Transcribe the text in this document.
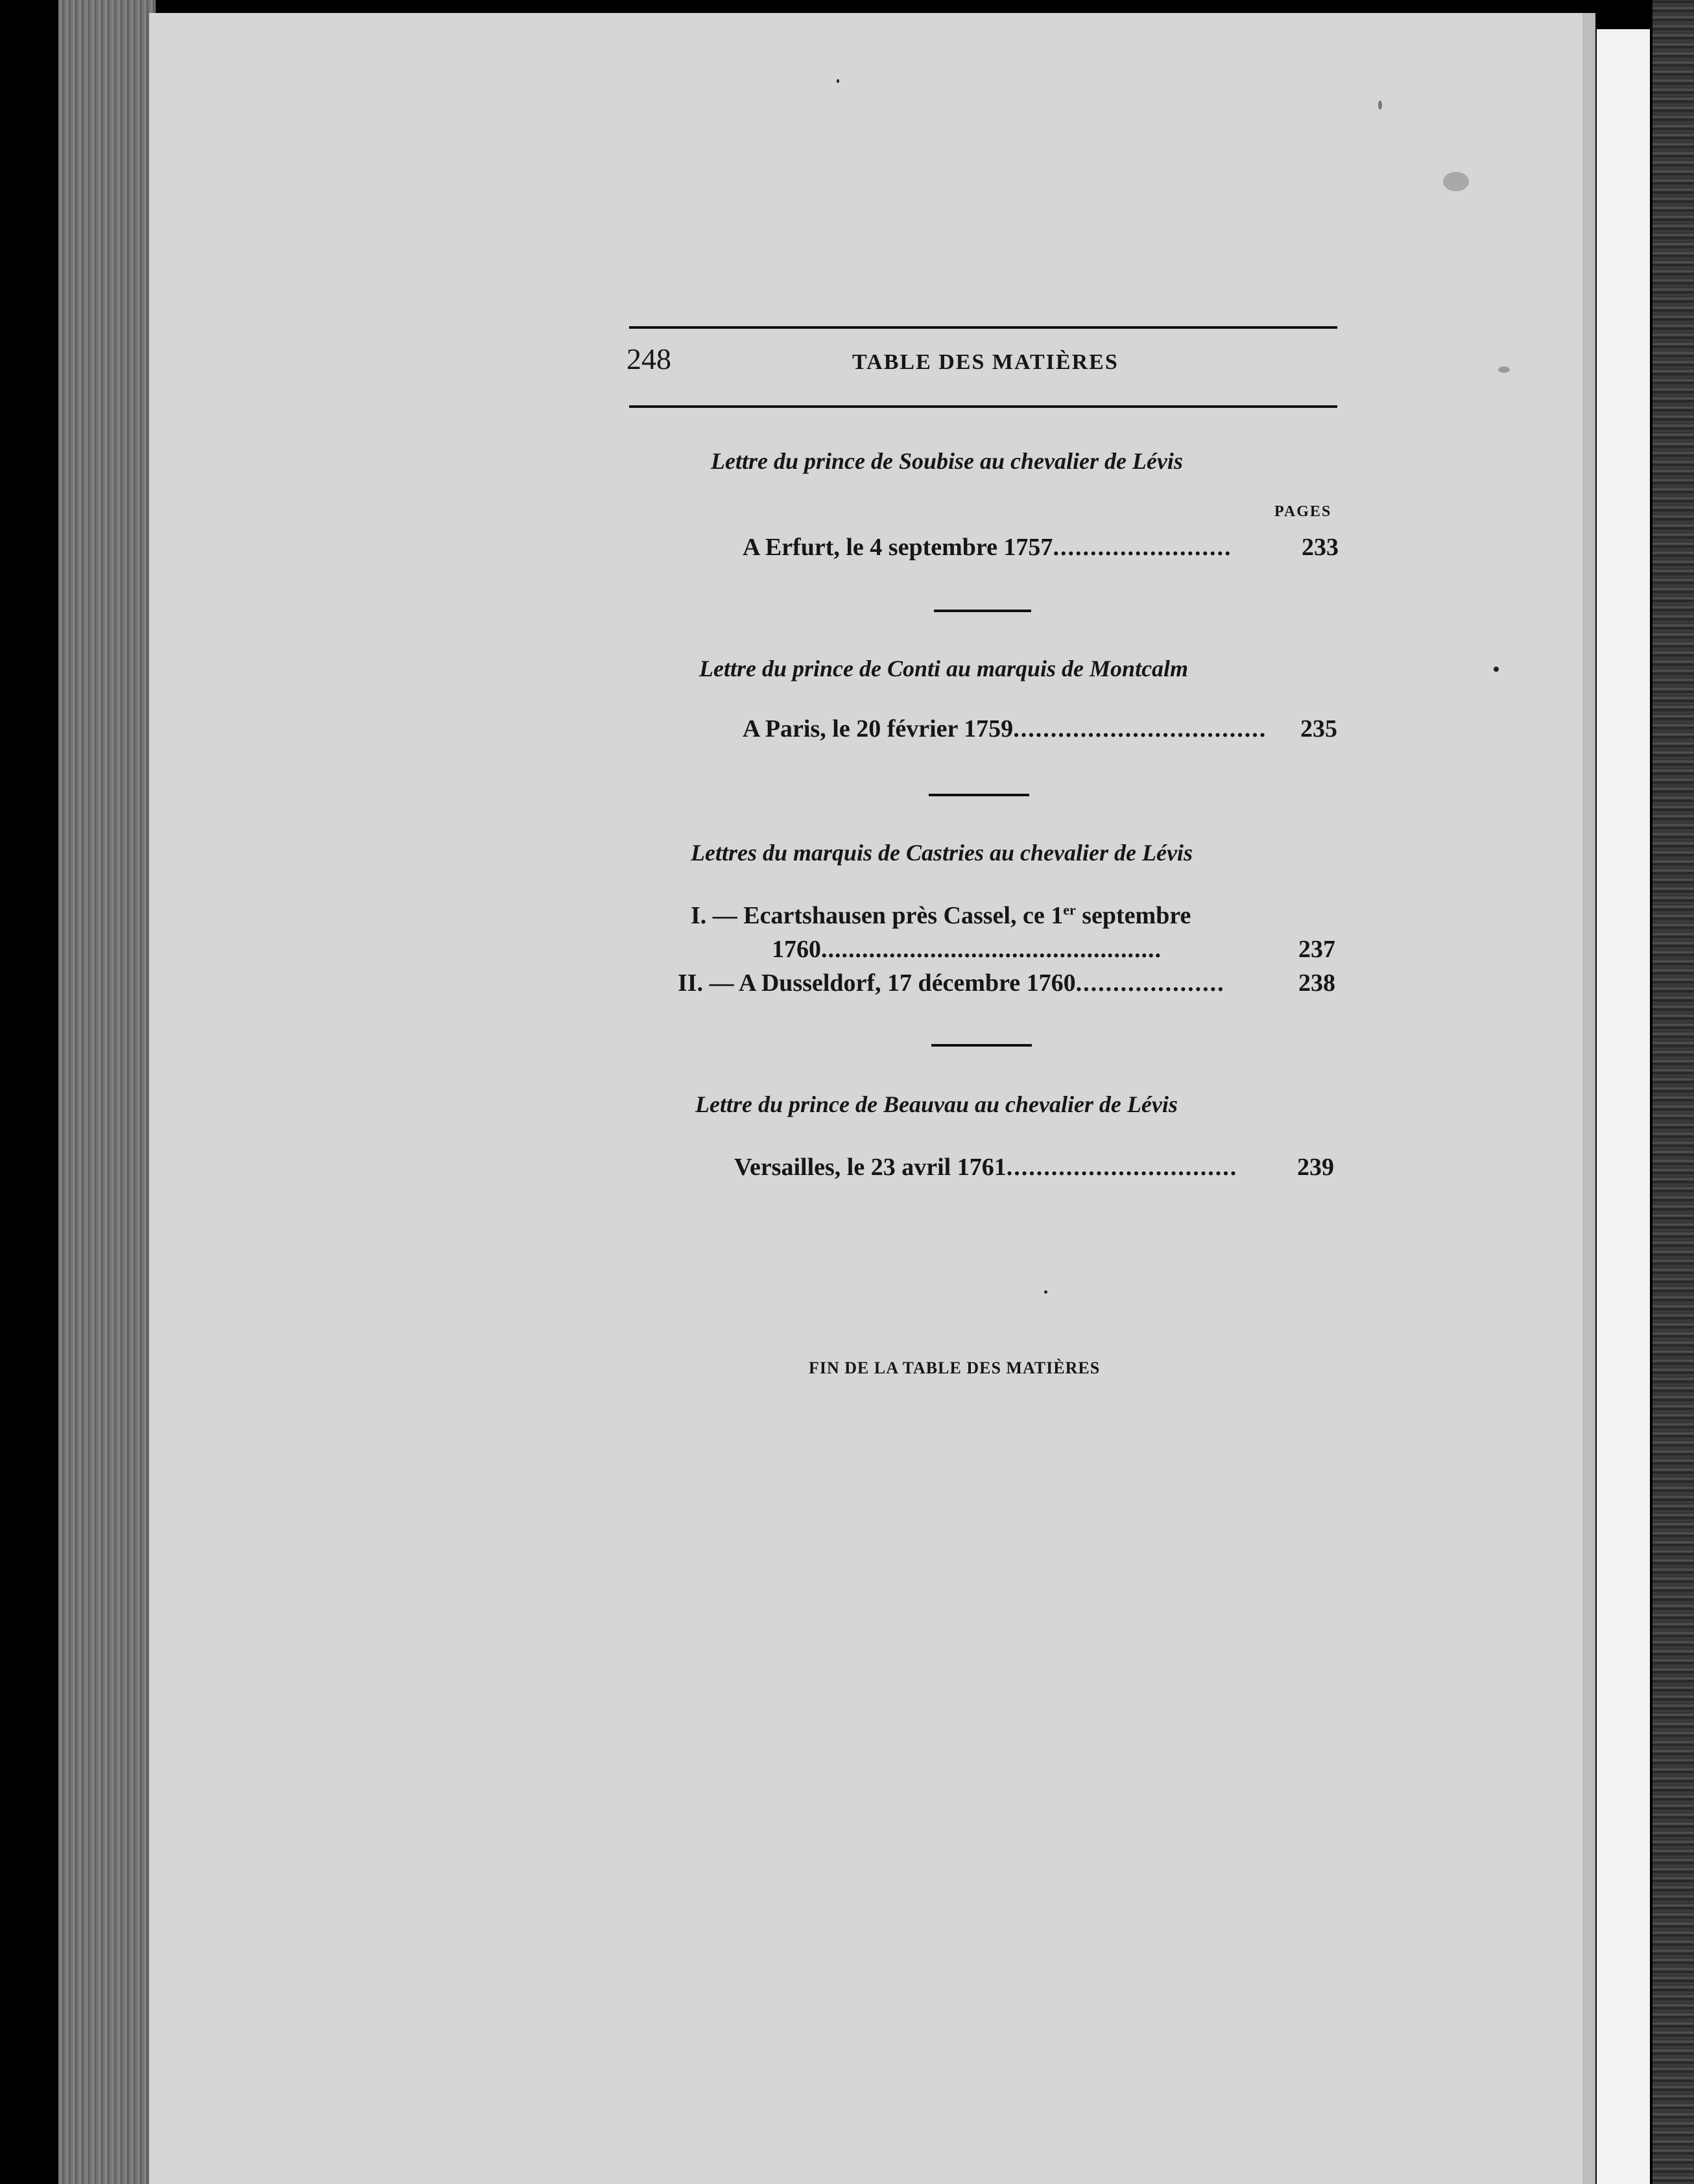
248	TABLE DES MATIÈRES
Lettre du prince de Soubise au chevalier de Lévis
PAGES
A Erfurt, le 4 septembre 1757........................	233
Lettre du prince de Conti au marquis de Montcalm
A Paris, le 20 février 1759.................................. 235
Lettres du marquis de Castries au chevalier de Lévis
I. — Ecartshausen près Cassel, ce 1er septembre
1760..................................................	237
II. — A Dusseldorf, 17 décembre 1760....................	238
Lettre du prince de Beauvau au chevalier de Lévis
Versailles, le 23 avril 1761............................... 239
FIN DE LA TABLE DES MATIÈRES
